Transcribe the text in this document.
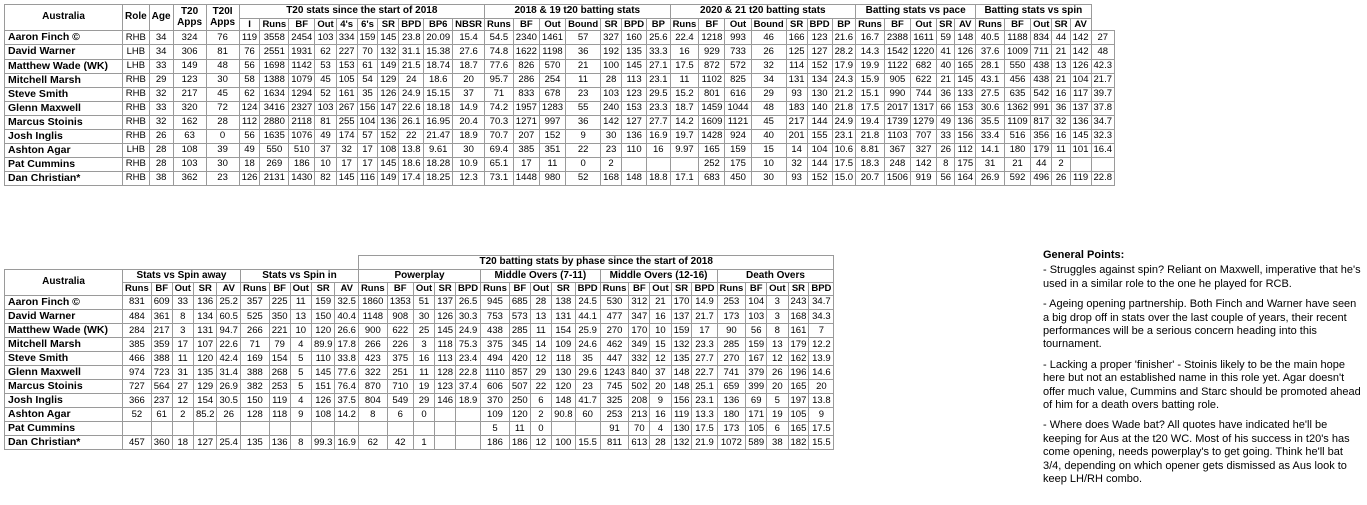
Australia	Role	Age	T20 Apps	T20I Apps	T20 stats since the start of 2018										2018 & 19 t20 batting stats							2020 & 21 t20 batting stats							Batting stats vs pace					Batting stats vs spin					
					I	Runs	BF	Out	4's	6's	SR	BPD	BP6	NBSR	Runs	BF	Out	Bound	SR	BPD	BP	Runs	BF	Out	Bound	SR	BPD	BP	Runs	BF	Out	SR	AV	Runs	BF	Out	SR	AV	
Aaron Finch ©	RHB	34	324	76	119	3558	2454	103	334	159	145	23.8	20.09	15.4	54.5	2340	1461	57	327	160	25.6	22.4	1218	993	46	166	123	21.6	16.7	2388	1611	59	148	40.5	1188	834	44	142	27
David Warner	LHB	34	306	81	76	2551	1931	62	227	70	132	31.1	15.38	27.6	74.8	1622	1198	36	192	135	33.3	16	929	733	26	125	127	28.2	14.3	1542	1220	41	126	37.6	1009	711	21	142	48
Matthew Wade (WK)	LHB	33	149	48	56	1698	1142	53	153	61	149	21.5	18.74	18.7	77.6	826	570	21	100	145	27.1	17.5	872	572	32	114	152	17.9	19.9	1122	682	40	165	28.1	550	438	13	126	42.3
Mitchell Marsh	RHB	29	123	30	58	1388	1079	45	105	54	129	24	18.6	20	95.7	286	254	11	28	113	23.1	11	1102	825	34	131	134	24.3	15.9	905	622	21	145	43.1	456	438	21	104	21.7
Steve Smith	RHB	32	217	45	62	1634	1294	52	161	35	126	24.9	15.15	37	71	833	678	23	103	123	29.5	15.2	801	616	29	93	130	21.2	15.1	990	744	36	133	27.5	635	542	16	117	39.7
Glenn Maxwell	RHB	33	320	72	124	3416	2327	103	267	156	147	22.6	18.18	14.9	74.2	1957	1283	55	240	153	23.3	18.7	1459	1044	48	183	140	21.8	17.5	2017	1317	66	153	30.6	1362	991	36	137	37.8
Marcus Stoinis	RHB	32	162	28	112	2880	2118	81	255	104	136	26.1	16.95	20.4	70.3	1271	997	36	142	127	27.7	14.2	1609	1121	45	217	144	24.9	19.4	1739	1279	49	136	35.5	1109	817	32	136	34.7
Josh Inglis	RHB	26	63	0	56	1635	1076	49	174	57	152	22	21.47	18.9	70.7	207	152	9	30	136	16.9	19.7	1428	924	40	201	155	23.1	21.8	1103	707	33	156	33.4	516	356	16	145	32.3
Ashton Agar	LHB	28	108	39	49	550	510	37	32	17	108	13.8	9.61	30	69.4	385	351	22	23	110	16	9.97	165	159	15	14	104	10.6	8.81	367	327	26	112	14.1	180	179	11	101	16.4
Pat Cummins	RHB	28	103	30	18	269	186	10	17	17	145	18.6	18.28	10.9	65.1	17	11	0	2				252	175	10	32	144	17.5	18.3	248	142	8	175	31	21	44	2		
Dan Christian*	RHB	38	362	23	126	2131	1430	82	145	116	149	17.4	18.25	12.3	73.1	1448	980	52	168	148	18.8	17.1	683	450	30	93	152	15.0	20.7	1506	919	56	164	26.9	592	496	26	119	22.8
											T20 batting stats by phase since the start of 2018																			
Australia	Stats vs Spin away					Stats vs Spin in					Powerplay					Middle Overs (7-11)					Middle Overs (12-16)					Death Overs				
	Runs	BF	Out	SR	AV	Runs	BF	Out	SR	AV	Runs	BF	Out	SR	BPD	Runs	BF	Out	SR	BPD	Runs	BF	Out	SR	BPD	Runs	BF	Out	SR	BPD
Aaron Finch ©	831	609	33	136	25.2	357	225	11	159	32.5	1860	1353	51	137	26.5	945	685	28	138	24.5	530	312	21	170	14.9	253	104	3	243	34.7
David Warner	484	361	8	134	60.5	525	350	13	150	40.4	1148	908	30	126	30.3	753	573	13	131	44.1	477	347	16	137	21.7	173	103	3	168	34.3
Matthew Wade (WK)	284	217	3	131	94.7	266	221	10	120	26.6	900	622	25	145	24.9	438	285	11	154	25.9	270	170	10	159	17	90	56	8	161	7
Mitchell Marsh	385	359	17	107	22.6	71	79	4	89.9	17.8	266	226	3	118	75.3	375	345	14	109	24.6	462	349	15	132	23.3	285	159	13	179	12.2
Steve Smith	466	388	11	120	42.4	169	154	5	110	33.8	423	375	16	113	23.4	494	420	12	118	35	447	332	12	135	27.7	270	167	12	162	13.9
Glenn Maxwell	974	723	31	135	31.4	388	268	5	145	77.6	322	251	11	128	22.8	1110	857	29	130	29.6	1243	840	37	148	22.7	741	379	26	196	14.6
Marcus Stoinis	727	564	27	129	26.9	382	253	5	151	76.4	870	710	19	123	37.4	606	507	22	120	23	745	502	20	148	25.1	659	399	20	165	20
Josh Inglis	366	237	12	154	30.5	150	119	4	126	37.5	804	549	29	146	18.9	370	250	6	148	41.7	325	208	9	156	23.1	136	69	5	197	13.8
Ashton Agar	52	61	2	85.2	26	128	118	9	108	14.2	8	6	0			109	120	2	90.8	60	253	213	16	119	13.3	180	171	19	105	9
Pat Cummins																5	11	0			91	70	4	130	17.5	173	105	6	165	17.5
Dan Christian*	457	360	18	127	25.4	135	136	8	99.3	16.9	62	42	1			186	186	12	100	15.5	811	613	28	132	21.9	1072	589	38	182	15.5
General Points:

- Struggles against spin? Reliant on Maxwell, imperative that he's used in a similar role to the one he played for RCB.

- Ageing opening partnership. Both Finch and Warner have seen a big drop off in stats over the last couple of years, their recent performances will be a serious concern heading into this tournament.

- Lacking a proper 'finisher' - Stoinis likely to be the main hope here but not an established name in this role yet. Agar doesn't offer much value, Cummins and Starc should be promoted ahead of him for a death overs batting role.

- Where does Wade bat? All quotes have indicated he'll be keeping for Aus at the t20 WC. Most of his success in t20's has come opening, needs powerplay's to get going. Think he'll bat 3/4, depending on which opener gets dismissed as Aus look to keep LH/RH combo.
